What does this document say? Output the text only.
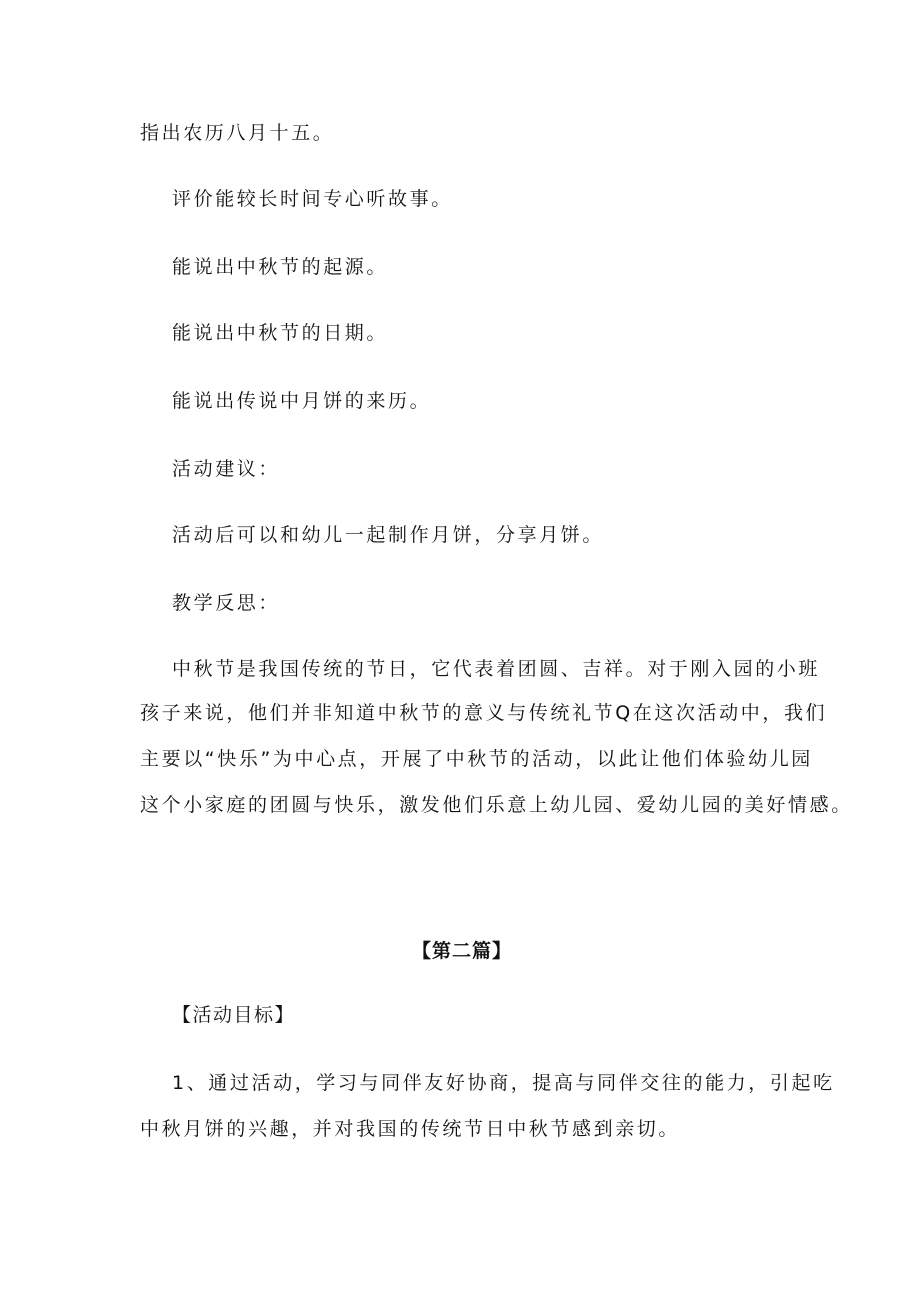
指出农历八月十五。
评价能较长时间专心听故事。
能说出中秋节的起源。
能说出中秋节的日期。
能说出传说中月饼的来历。
活动建议：
活动后可以和幼儿一起制作月饼，分享月饼。
教学反思：
中秋节是我国传统的节日，它代表着团圆、吉祥。对于刚入园的小班
孩子来说，他们并非知道中秋节的意义与传统礼节Q在这次活动中，我们
主要以“快乐”为中心点，开展了中秋节的活动，以此让他们体验幼儿园
这个小家庭的团圆与快乐，激发他们乐意上幼儿园、爱幼儿园的美好情感。
【第二篇】
【活动目标】
1、通过活动，学习与同伴友好协商，提高与同伴交往的能力，引起吃
中秋月饼的兴趣，并对我国的传统节日中秋节感到亲切。
